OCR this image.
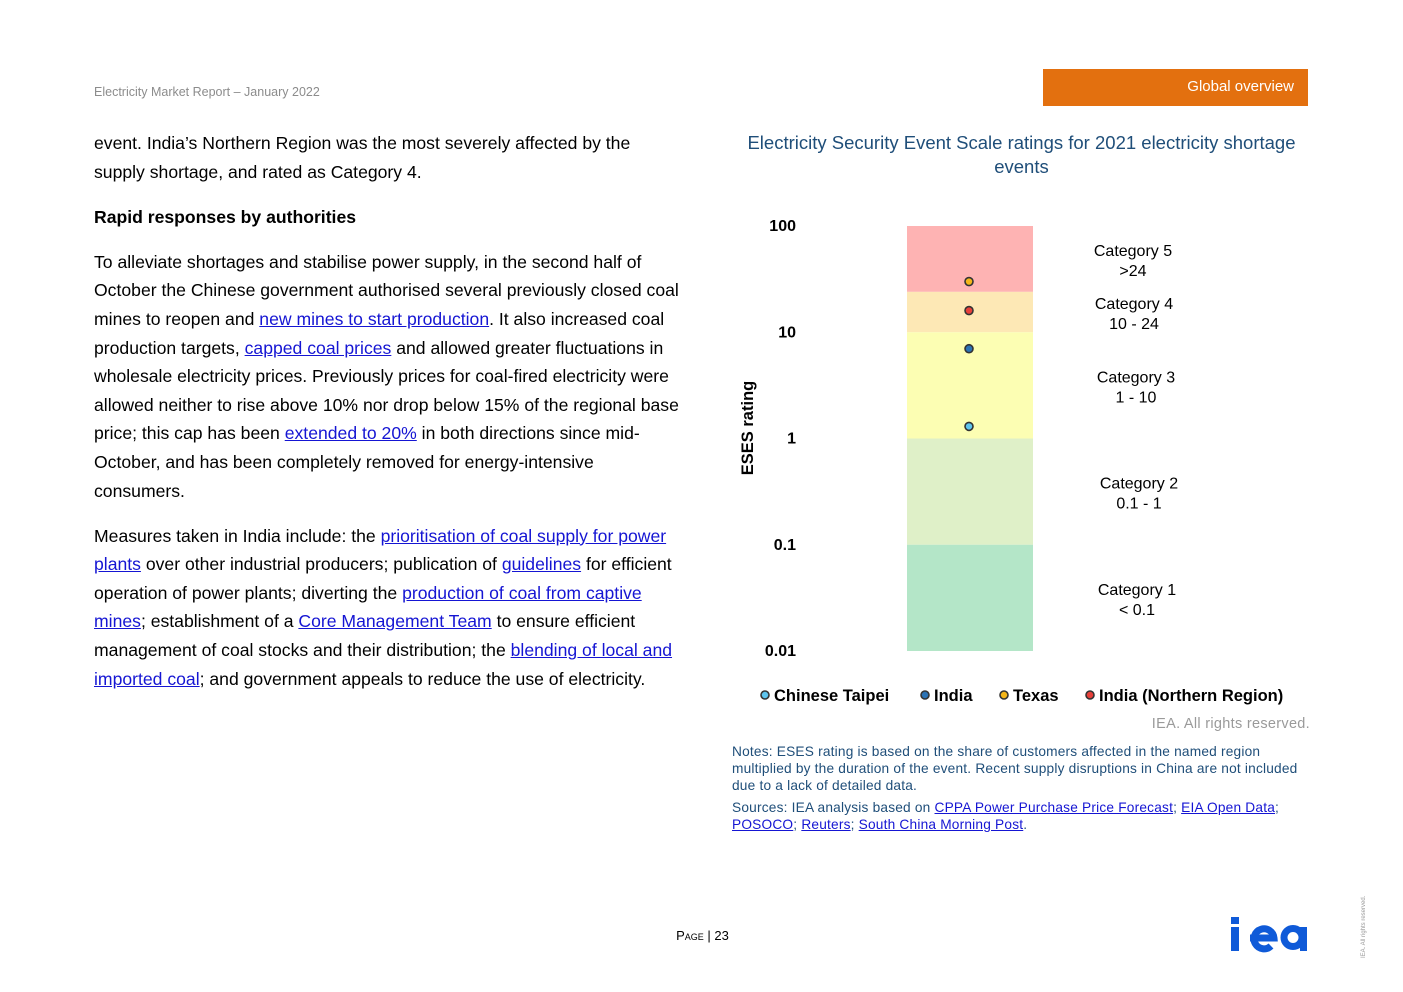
Electricity Market Report – January 2022	Global overview

event. India’s Northern Region was the most severely affected by the supply shortage, and rated as Category 4.

Rapid responses by authorities

To alleviate shortages and stabilise power supply, in the second half of October the Chinese government authorised several previously closed coal mines to reopen and new mines to start production. It also increased coal production targets, capped coal prices and allowed greater fluctuations in wholesale electricity prices. Previously prices for coal-fired electricity were allowed neither to rise above 10% nor drop below 15% of the regional base price; this cap has been extended to 20% in both directions since mid-October, and has been completely removed for energy-intensive consumers.

Measures taken in India include: the prioritisation of coal supply for power plants over other industrial producers; publication of guidelines for efficient operation of power plants; diverting the production of coal from captive mines; establishment of a Core Management Team to ensure efficient management of coal stocks and their distribution; the blending of local and imported coal; and government appeals to reduce the use of electricity.

Electricity Security Event Scale ratings for 2021 electricity shortage events
100
10
1
0.1
0.01
ESES rating
Category 5
>24
Category 4
10 - 24
Category 3
1 - 10
Category 2
0.1 - 1
Category 1
< 0.1
Chinese Taipei	India Texas India (Northern Region)
IEA. All rights reserved.
Notes: ESES rating is based on the share of customers affected in the named region multiplied by the duration of the event. Recent supply disruptions in China are not included due to a lack of detailed data.
Sources: IEA analysis based on CPPA Power Purchase Price Forecast; EIA Open Data; POSOCO; Reuters; South China Morning Post.
Page | 23	IEA. All rights reserved.
